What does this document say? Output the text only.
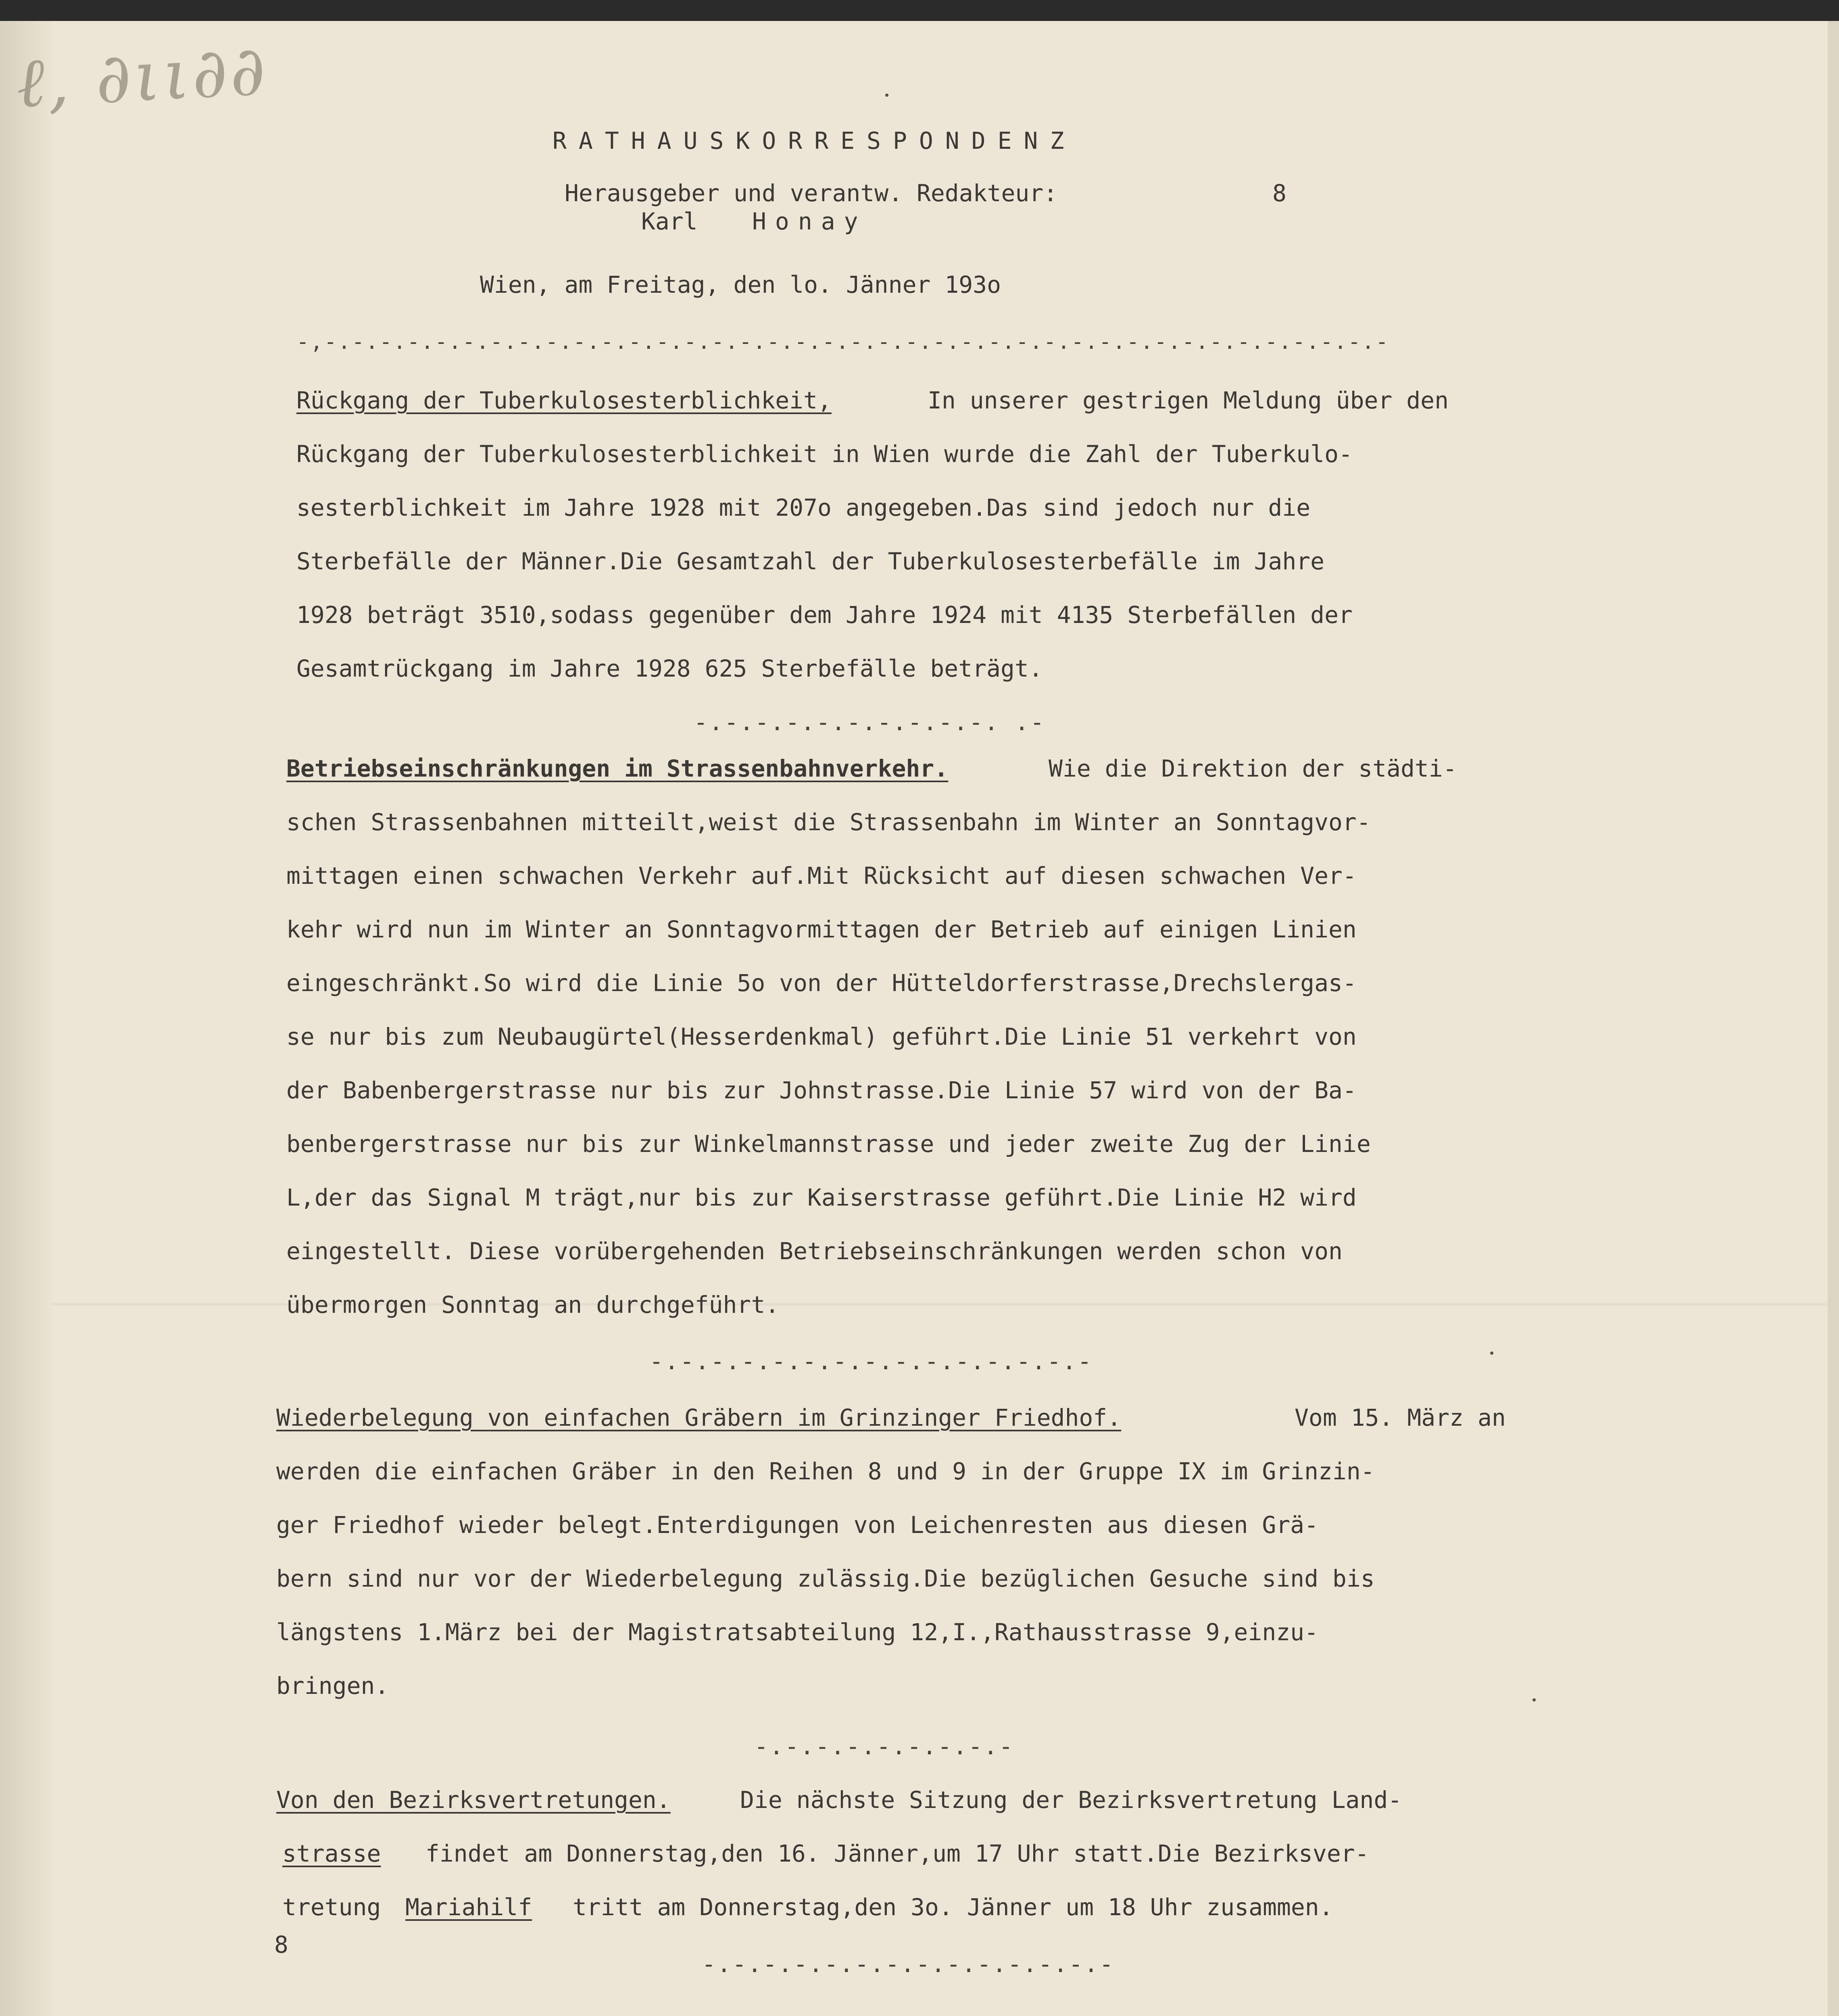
ℓ, ∂ιι∂∂
RATHAUSKORRESPONDENZ
Herausgeber und verantw. Redakteur:	8
Karl Honay
Wien, am Freitag, den lo. Jänner 193o
-,-.-.-.-.-.-.-.-.-.-.-.-.-.-.-.-.-.-.-.-.-.-.-.-.-.-.-.-.-.-.-.-.-.-.-.-.-.-.-
Rückgang der Tuberkulosesterblichkeit,	In unserer gestrigen Meldung über den
Rückgang der Tuberkulosesterblichkeit in Wien wurde die Zahl der Tuberkulo-
sesterblichkeit im Jahre 1928 mit 207o angegeben.Das sind jedoch nur die
Sterbefälle der Männer.Die Gesamtzahl der Tuberkulosesterbefälle im Jahre
1928 beträgt 3510,sodass gegenüber dem Jahre 1924 mit 4135 Sterbefällen der
Gesamtrückgang im Jahre 1928 625 Sterbefälle beträgt.
-.-.-.-.-.-.-.-.-.-. .-
Betriebseinschränkungen im Strassenbahnverkehr.	Wie die Direktion der städti-
schen Strassenbahnen mitteilt,weist die Strassenbahn im Winter an Sonntagvor-
mittagen einen schwachen Verkehr auf.Mit Rücksicht auf diesen schwachen Ver-
kehr wird nun im Winter an Sonntagvormittagen der Betrieb auf einigen Linien
eingeschränkt.So wird die Linie 5o von der Hütteldorferstrasse,Drechslergas-
se nur bis zum Neubaugürtel(Hesserdenkmal) geführt.Die Linie 51 verkehrt von
der Babenbergerstrasse nur bis zur Johnstrasse.Die Linie 57 wird von der Ba-
benbergerstrasse nur bis zur Winkelmannstrasse und jeder zweite Zug der Linie
L,der das Signal M trägt,nur bis zur Kaiserstrasse geführt.Die Linie H2 wird
eingestellt. Diese vorübergehenden Betriebseinschränkungen werden schon von
übermorgen Sonntag an durchgeführt.
-.-.-.-.-.-.-.-.-.-.-.-.-.-.-
Wiederbelegung von einfachen Gräbern im Grinzinger Friedhof.	Vom 15. März an
werden die einfachen Gräber in den Reihen 8 und 9 in der Gruppe IX im Grinzin-
ger Friedhof wieder belegt.Enterdigungen von Leichenresten aus diesen Grä-
bern sind nur vor der Wiederbelegung zulässig.Die bezüglichen Gesuche sind bis
längstens 1.März bei der Magistratsabteilung 12,I.,Rathausstrasse 9,einzu-
bringen.
-.-.-.-.-.-.-.-.-
Von den Bezirksvertretungen.	Die nächste Sitzung der Bezirksvertretung Land-
strasse findet am Donnerstag,den 16. Jänner,um 17 Uhr statt.Die Bezirksver-
tretung Mariahilf tritt am Donnerstag,den 3o. Jänner um 18 Uhr zusammen.
8
-.-.-.-.-.-.-.-.-.-.-.-.-.-
